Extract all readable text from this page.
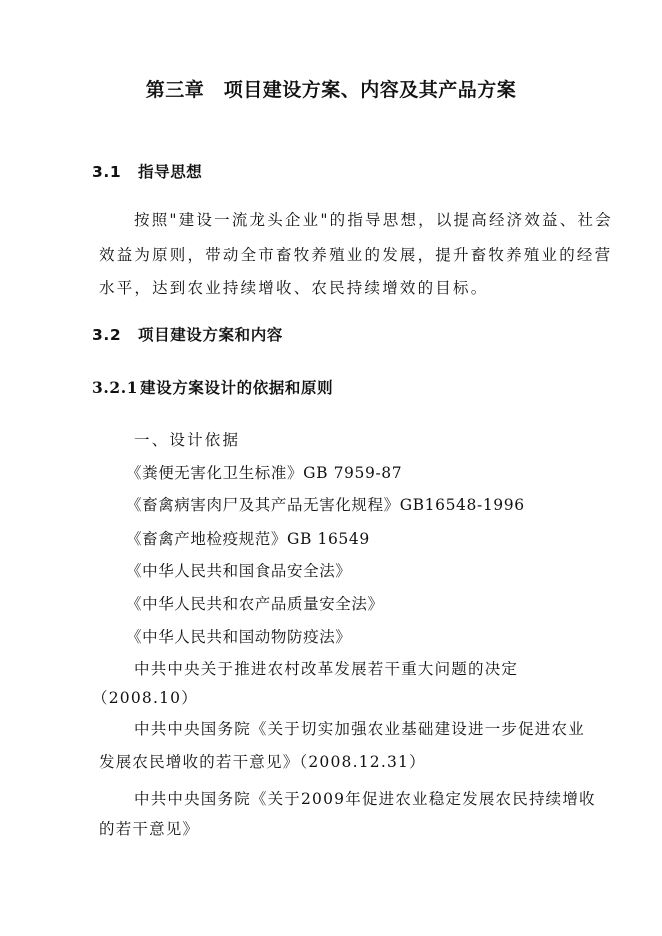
第三章　项目建设方案、内容及其产品方案
3.1 指导思想
按照"建设一流龙头企业"的指导思想，以提高经济效益、社会
效益为原则，带动全市畜牧养殖业的发展，提升畜牧养殖业的经营
水平，达到农业持续增收、农民持续增效的目标。
3.2 项目建设方案和内容
3.2.1 建设方案设计的依据和原则
一、设计依据
《粪便无害化卫生标准》GB 7959-87
《畜禽病害肉尸及其产品无害化规程》GB16548-1996
《畜禽产地检疫规范》GB 16549
《中华人民共和国食品安全法》
《中华人民共和农产品质量安全法》
《中华人民共和国动物防疫法》
中共中央关于推进农村改革发展若干重大问题的决定
（2008.10）
中共中央国务院《关于切实加强农业基础建设进一步促进农业
发展农民增收的若干意见》（2008.12.31）
中共中央国务院《关于2009年促进农业稳定发展农民持续增收
的若干意见》
